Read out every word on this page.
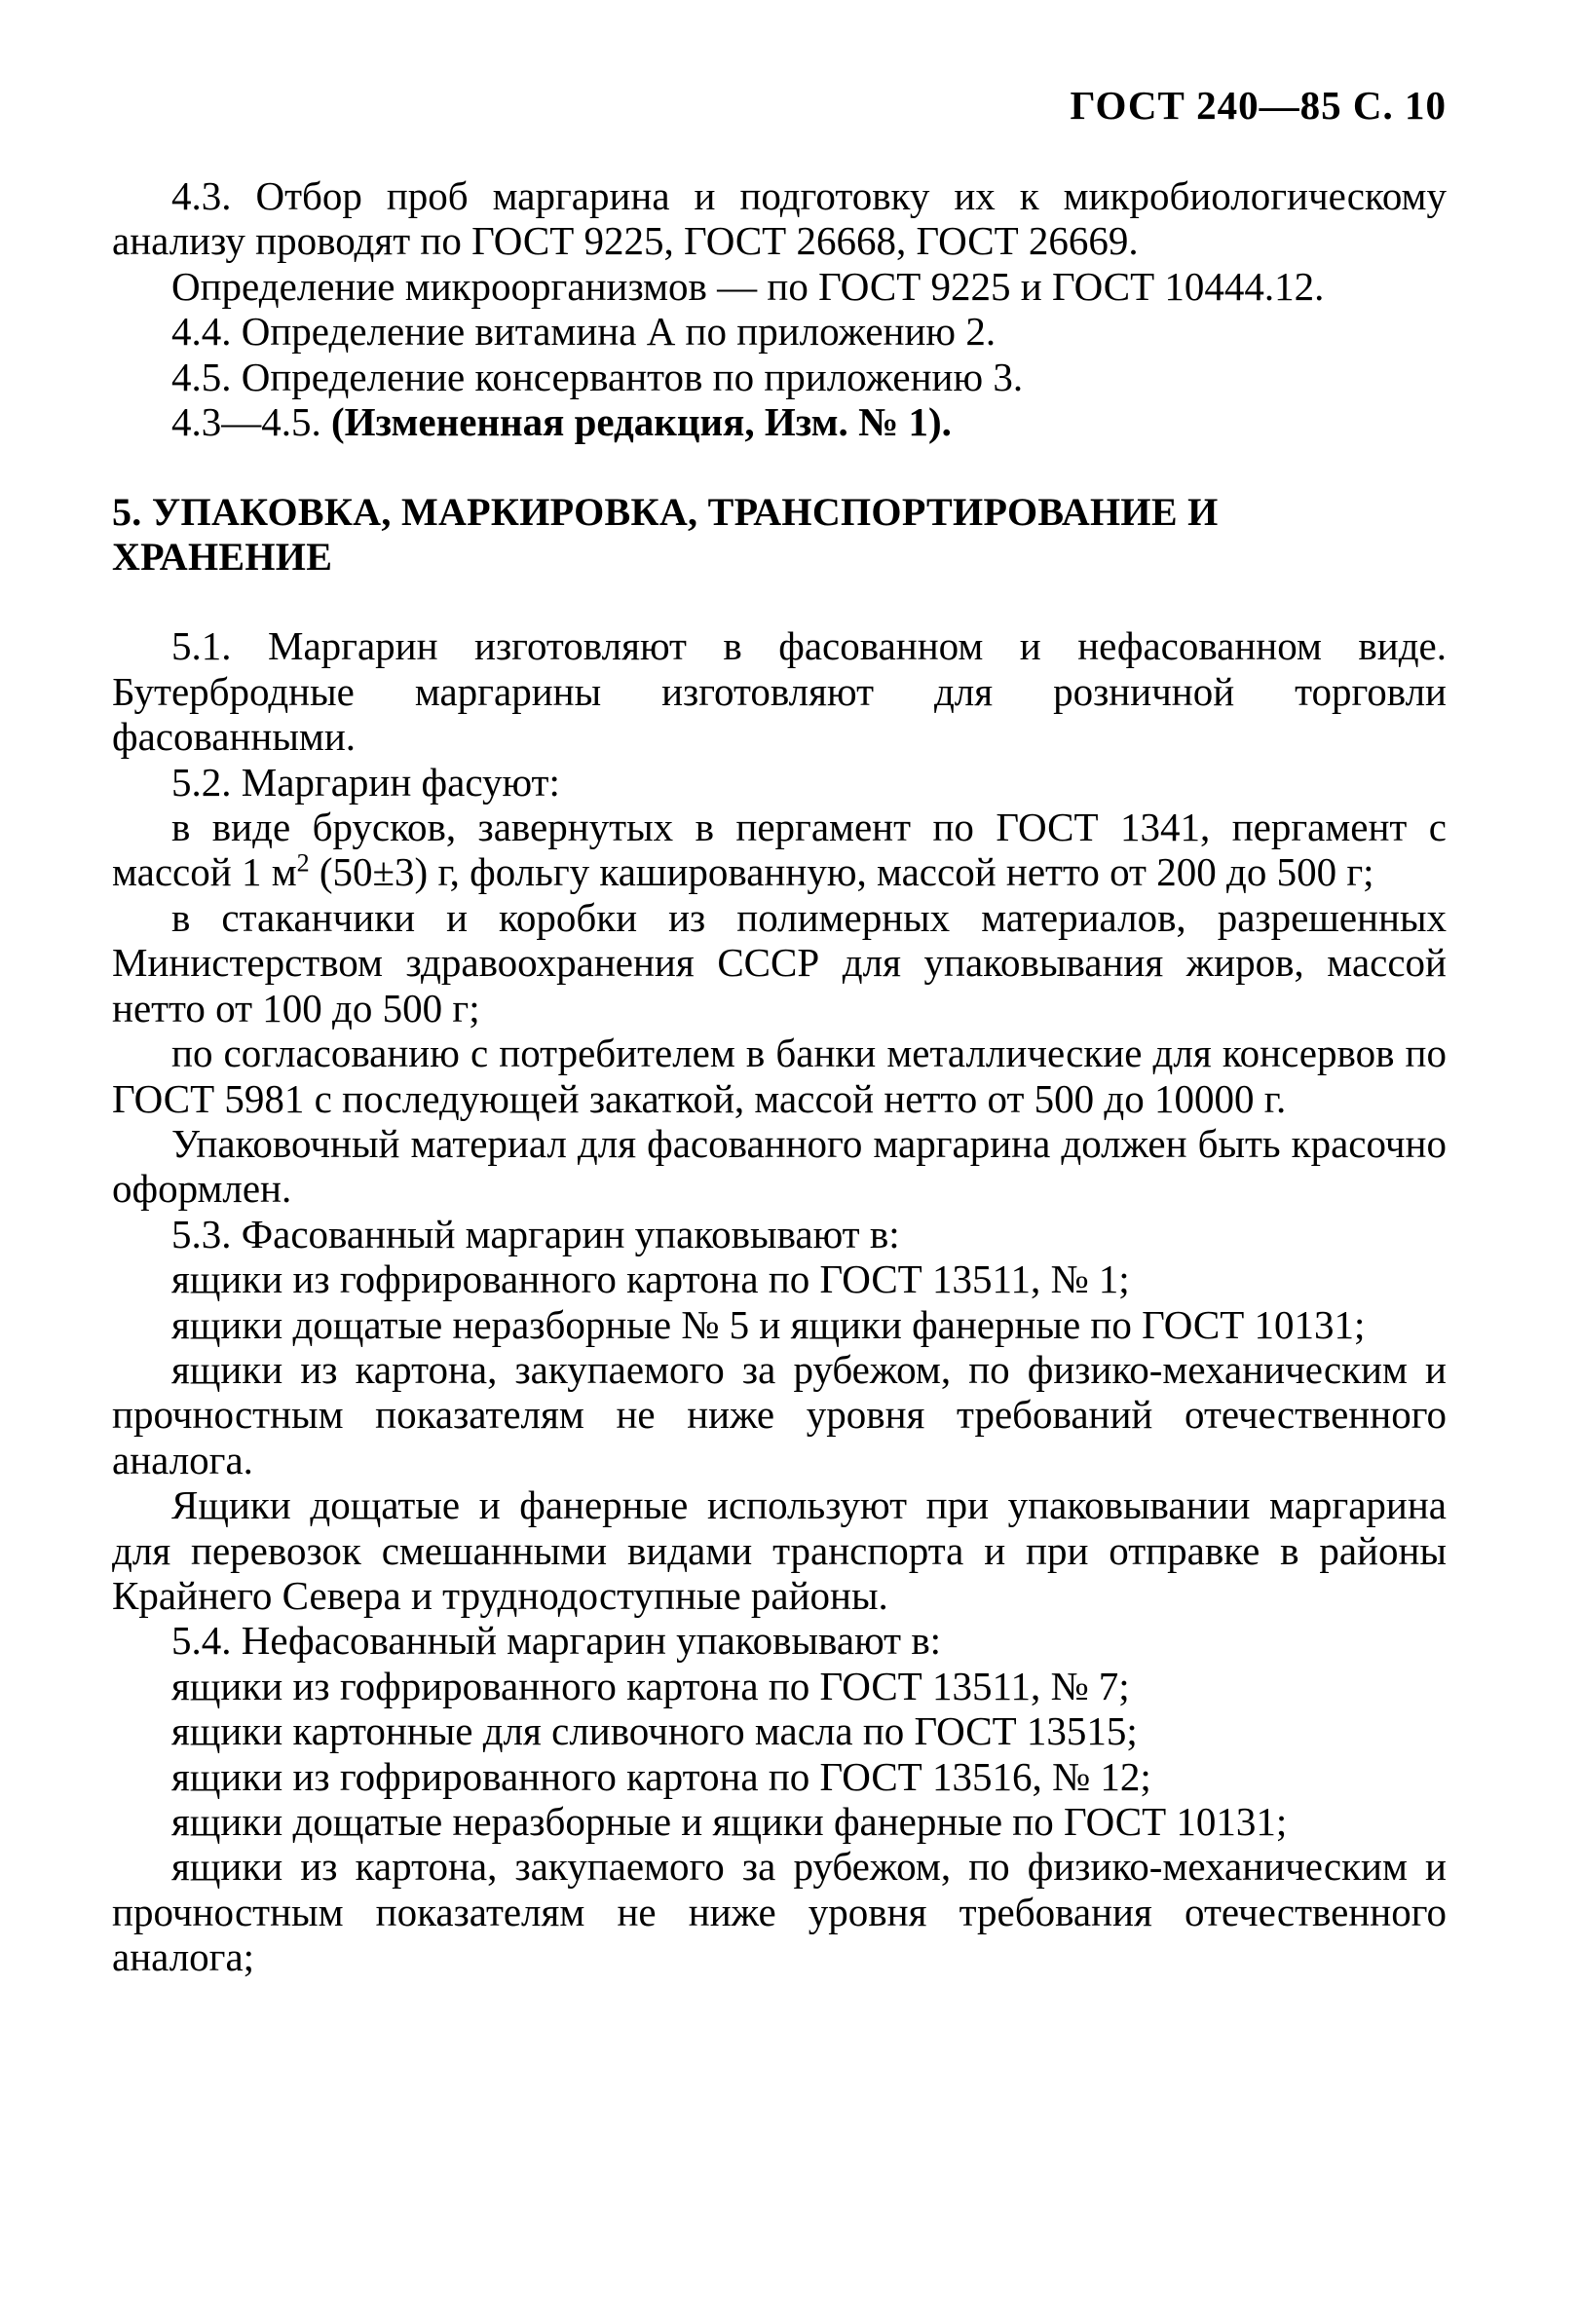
ГОСТ 240—85 С. 10

4.3. Отбор проб маргарина и подготовку их к микробиологическому анализу проводят по ГОСТ 9225, ГОСТ 26668, ГОСТ 26669.

Определение микроорганизмов — по ГОСТ 9225 и ГОСТ 10444.12.

4.4. Определение витамина А по приложению 2.

4.5. Определение консервантов по приложению 3.

4.3—4.5. (Измененная редакция, Изм. № 1).

5. УПАКОВКА, МАРКИРОВКА, ТРАНСПОРТИРОВАНИЕ И ХРАНЕНИЕ

5.1. Маргарин изготовляют в фасованном и нефасованном виде. Бутербродные маргарины изготовляют для розничной торговли фасованными.

5.2. Маргарин фасуют:

в виде брусков, завернутых в пергамент по ГОСТ 1341, пергамент с массой 1 $м^2$ (50±3) г, фольгу кашированную, массой нетто от 200 до 500 г;

в стаканчики и коробки из полимерных материалов, разрешенных Министерством здравоохранения СССР для упаковывания жиров, массой нетто от 100 до 500 г;

по согласованию с потребителем в банки металлические для консервов по ГОСТ 5981 с последующей закаткой, массой нетто от 500 до 10000 г.

Упаковочный материал для фасованного маргарина должен быть красочно оформлен.

5.3. Фасованный маргарин упаковывают в:

ящики из гофрированного картона по ГОСТ 13511, № 1;

ящики дощатые неразборные № 5 и ящики фанерные по ГОСТ 10131;

ящики из картона, закупаемого за рубежом, по физико-механическим и прочностным показателям не ниже уровня требований отечественного аналога.

Ящики дощатые и фанерные используют при упаковывании маргарина для перевозок смешанными видами транспорта и при отправке в районы Крайнего Севера и труднодоступные районы.

5.4. Нефасованный маргарин упаковывают в:

ящики из гофрированного картона по ГОСТ 13511, № 7;

ящики картонные для сливочного масла по ГОСТ 13515;

ящики из гофрированного картона по ГОСТ 13516, № 12;

ящики дощатые неразборные и ящики фанерные по ГОСТ 10131;

ящики из картона, закупаемого за рубежом, по физико-механическим и прочностным показателям не ниже уровня требования отечественного аналога;
